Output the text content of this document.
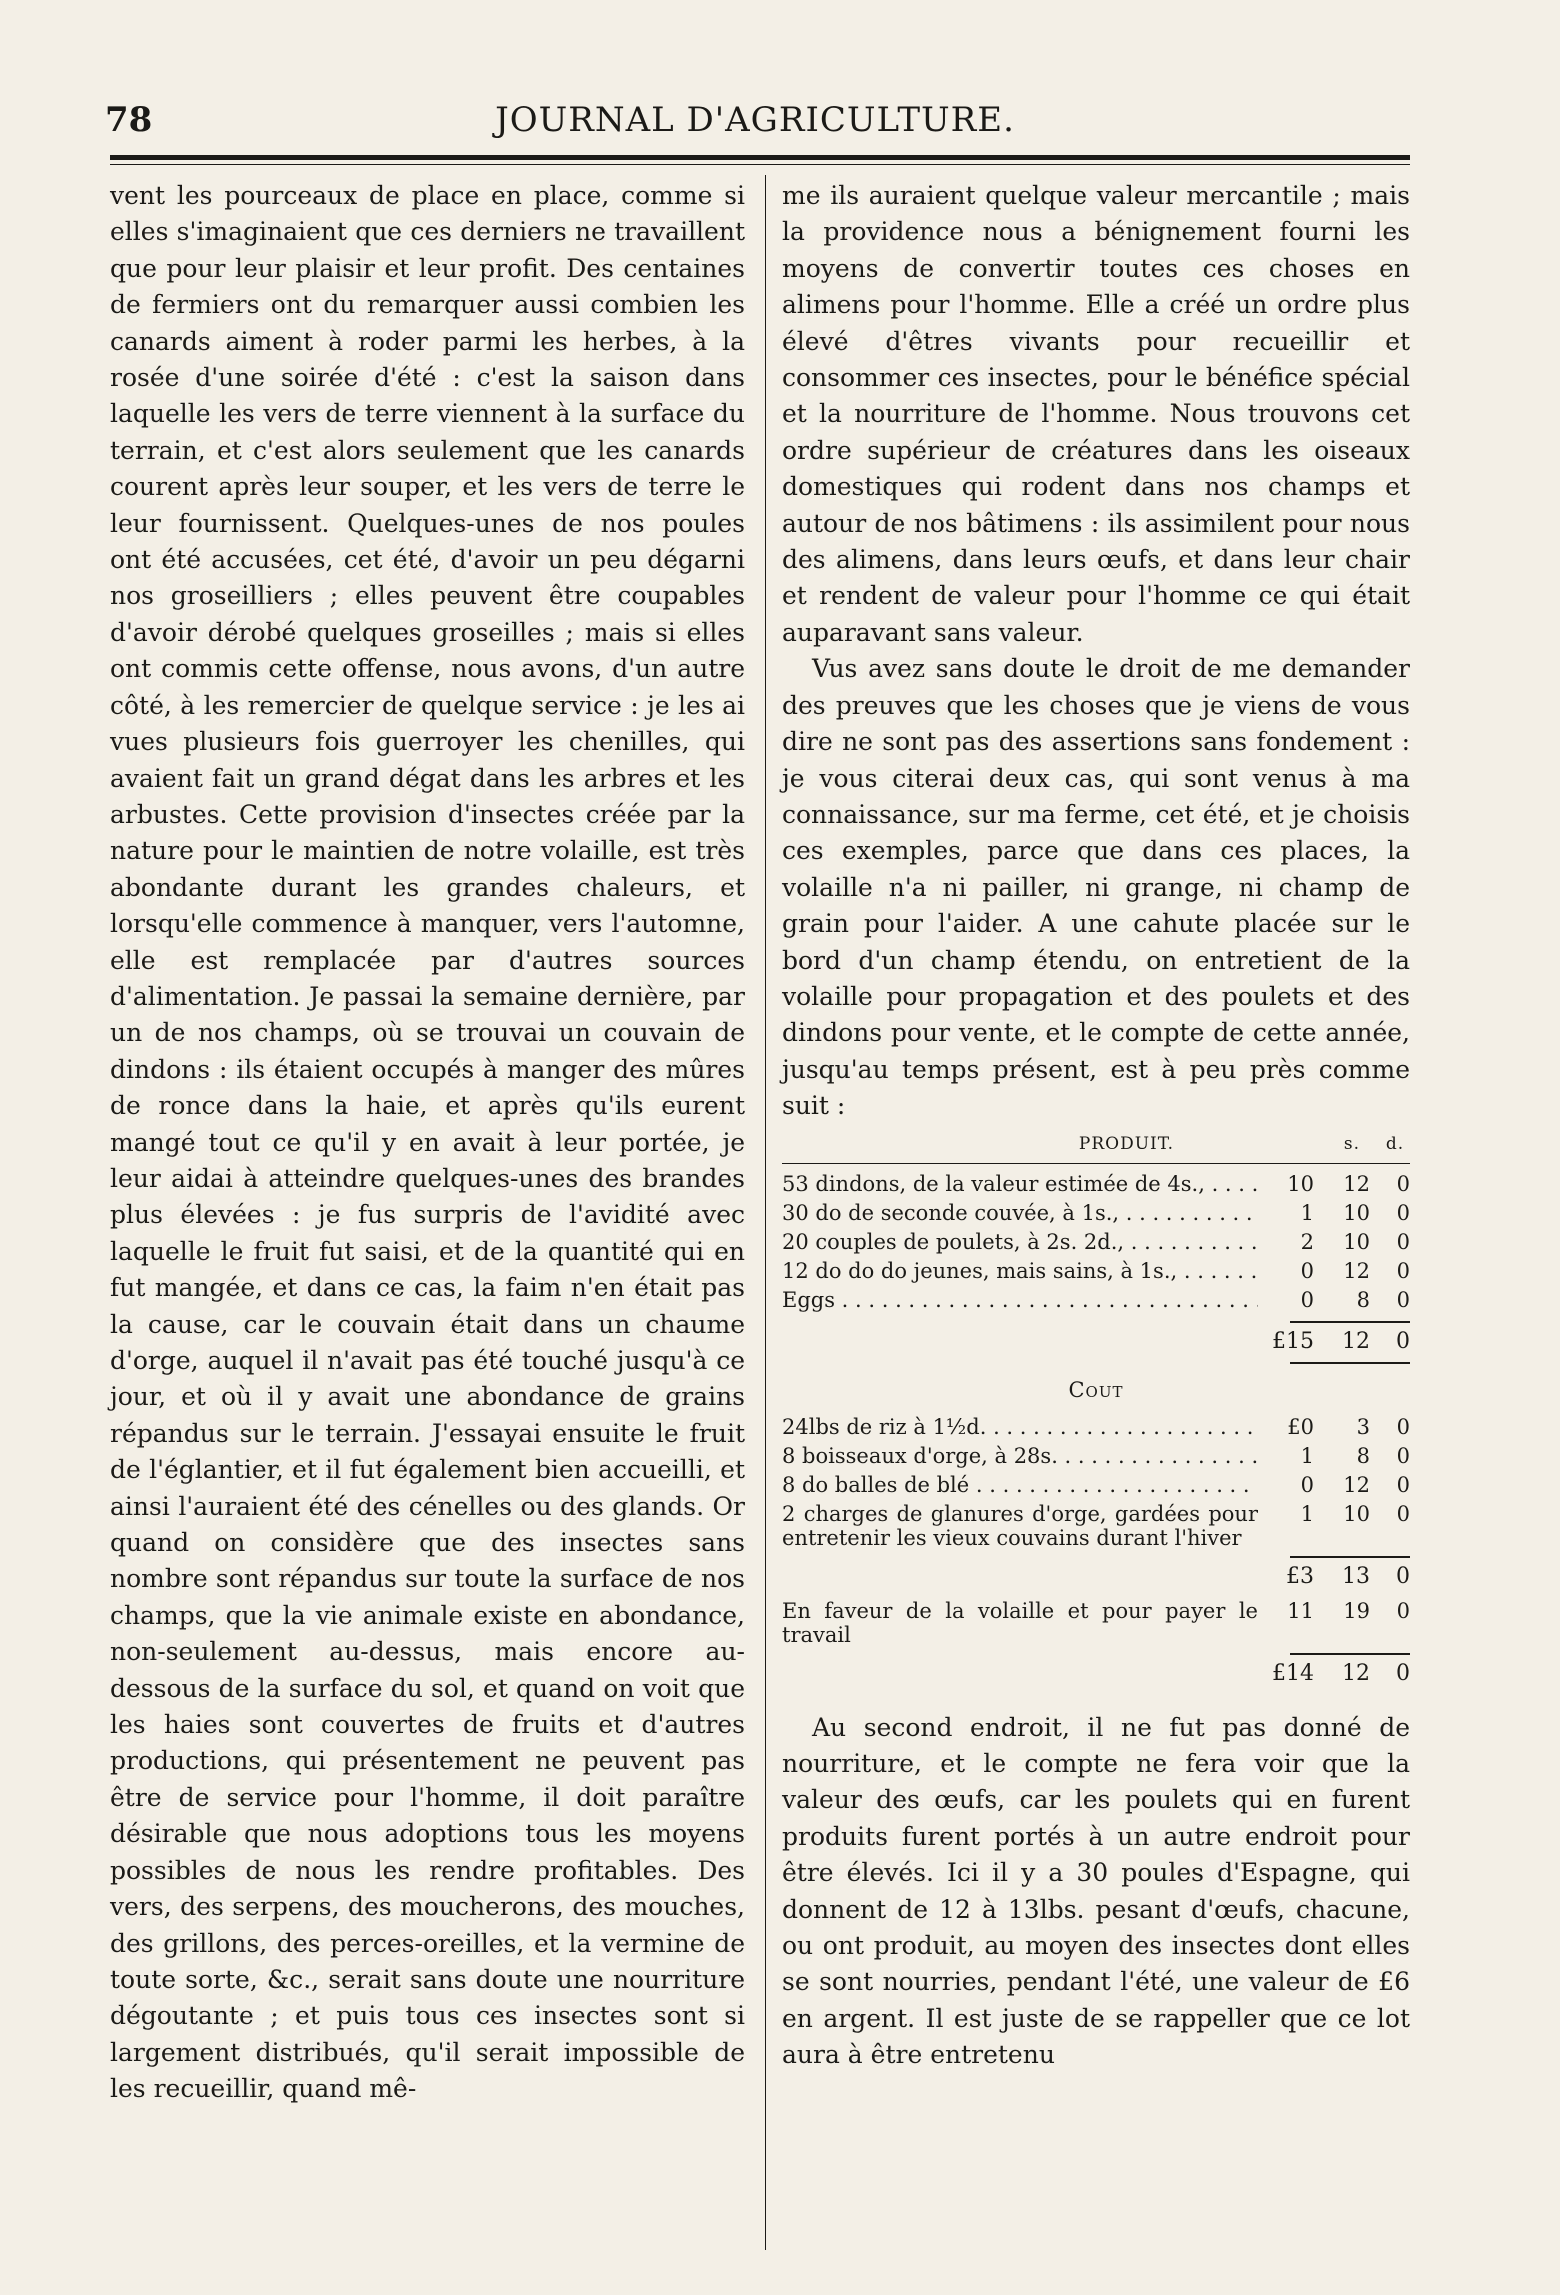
78	JOURNAL D'AGRICULTURE.

vent les pourceaux de place en place, comme si elles s'imaginaient que ces derniers ne travaillent que pour leur plaisir et leur profit. Des centaines de fermiers ont du remarquer aussi combien les canards aiment à roder parmi les herbes, à la rosée d'une soirée d'été : c'est la saison dans laquelle les vers de terre viennent à la surface du terrain, et c'est alors seulement que les canards courent après leur souper, et les vers de terre le leur fournissent. Quelques-unes de nos poules ont été accusées, cet été, d'avoir un peu dégarni nos groseilliers ; elles peuvent être coupables d'avoir dérobé quelques groseilles ; mais si elles ont commis cette offense, nous avons, d'un autre côté, à les remercier de quelque service : je les ai vues plusieurs fois guerroyer les chenilles, qui avaient fait un grand dégat dans les arbres et les arbustes. Cette provision d'insectes créée par la nature pour le maintien de notre volaille, est très abondante durant les grandes chaleurs, et lorsqu'elle commence à manquer, vers l'automne, elle est remplacée par d'autres sources d'alimentation. Je passai la semaine dernière, par un de nos champs, où se trouvai un couvain de dindons : ils étaient occupés à manger des mûres de ronce dans la haie, et après qu'ils eurent mangé tout ce qu'il y en avait à leur portée, je leur aidai à atteindre quelques-unes des brandes plus élevées : je fus surpris de l'avidité avec laquelle le fruit fut saisi, et de la quantité qui en fut mangée, et dans ce cas, la faim n'en était pas la cause, car le couvain était dans un chaume d'orge, auquel il n'avait pas été touché jusqu'à ce jour, et où il y avait une abondance de grains répandus sur le terrain. J'essayai ensuite le fruit de l'églantier, et il fut également bien accueilli, et ainsi l'auraient été des cénelles ou des glands. Or quand on considère que des insectes sans nombre sont répandus sur toute la surface de nos champs, que la vie animale existe en abondance, non-seulement au-dessus, mais encore au-dessous de la surface du sol, et quand on voit que les haies sont couvertes de fruits et d'autres productions, qui présentement ne peuvent pas être de service pour l'homme, il doit paraître désirable que nous adoptions tous les moyens possibles de nous les rendre profitables. Des vers, des serpens, des moucherons, des mouches, des grillons, des perces-oreilles, et la vermine de toute sorte, &c., serait sans doute une nourriture dégoutante ; et puis tous ces insectes sont si largement distribués, qu'il serait impossible de les recueillir, quand mê-

me ils auraient quelque valeur mercantile ; mais la providence nous a bénignement fourni les moyens de convertir toutes ces choses en alimens pour l'homme. Elle a créé un ordre plus élevé d'êtres vivants pour recueillir et consommer ces insectes, pour le bénéfice spécial et la nourriture de l'homme. Nous trouvons cet ordre supérieur de créatures dans les oiseaux domestiques qui rodent dans nos champs et autour de nos bâtimens : ils assimilent pour nous des alimens, dans leurs œufs, et dans leur chair et rendent de valeur pour l'homme ce qui était auparavant sans valeur.

Vus avez sans doute le droit de me demander des preuves que les choses que je viens de vous dire ne sont pas des assertions sans fondement : je vous citerai deux cas, qui sont venus à ma connaissance, sur ma ferme, cet été, et je choisis ces exemples, parce que dans ces places, la volaille n'a ni pailler, ni grange, ni champ de grain pour l'aider. A une cahute placée sur le bord d'un champ étendu, on entretient de la volaille pour propagation et des poulets et des dindons pour vente, et le compte de cette année, jusqu'au temps présent, est à peu près comme suit :

PRODUIT.	s.	d.
53 dindons, de la valeur estimée de 4s., . . .	10	12	0
30 do de seconde couvée, à 1s., . . .	1	10	0
20 couples de poulets, à 2s. 2d., . . .	2	10	0
12 do do do jeunes, mais sains, à 1s., . . .	0	12	0
Eggs . . .	0	8	0
£15	12	0
Cout
24lbs de riz à 1½d. . . .	£0	3	0
8 boisseaux d'orge, à 28s. . . .	1	8	0
8 do balles de blé . . .	0	12	0
2 charges de glanures d'orge, gardées pour entretenir les vieux couvains durant l'hiver
1	10	0
£3	13	0
En faveur de la volaille et pour payer le travail
11	19	0
£14	12	0

Au second endroit, il ne fut pas donné de nourriture, et le compte ne fera voir que la valeur des œufs, car les poulets qui en furent produits furent portés à un autre endroit pour être élevés. Ici il y a 30 poules d'Espagne, qui donnent de 12 à 13lbs. pesant d'œufs, chacune, ou ont produit, au moyen des insectes dont elles se sont nourries, pendant l'été, une valeur de £6 en argent. Il est juste de se rappeller que ce lot aura à être entretenu
